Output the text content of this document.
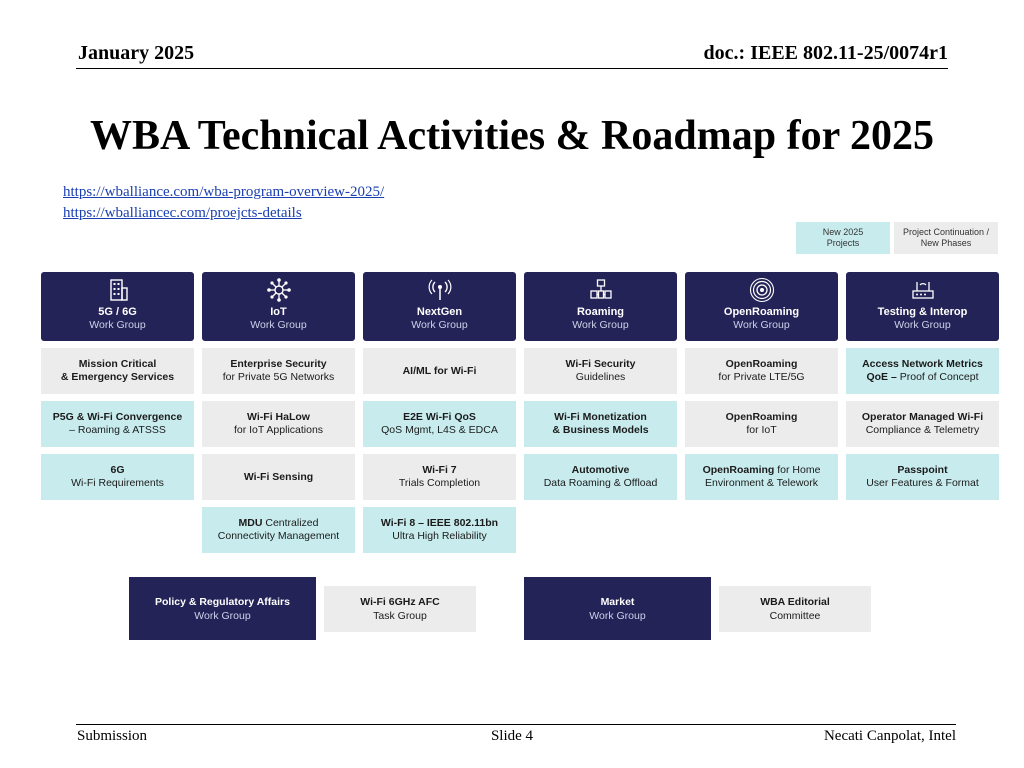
January 2025	doc.: IEEE 802.11-25/0074r1
WBA Technical Activities & Roadmap for 2025
https://wballiance.com/wba-program-overview-2025/
https://wballiancec.com/proejcts-details
New 2025
Projects
Project Continuation /
New Phases
5G / 6G
Work Group
Mission Critical
& Emergency Services
P5G & Wi-Fi Convergence
– Roaming & ATSSS
6G
Wi-Fi Requirements
IoT
Work Group
Enterprise Security
for Private 5G Networks
Wi-Fi HaLow
for IoT Applications
Wi-Fi Sensing
MDU Centralized
Connectivity Management
NextGen
Work Group
AI/ML for Wi-Fi
E2E Wi-Fi QoS
QoS Mgmt, L4S & EDCA
Wi-Fi 7
Trials Completion
Wi-Fi 8 – IEEE 802.11bn
Ultra High Reliability
Roaming
Work Group
Wi-Fi Security
Guidelines
Wi-Fi Monetization
& Business Models
Automotive
Data Roaming & Offload
OpenRoaming
Work Group
OpenRoaming
for Private LTE/5G
OpenRoaming
for IoT
OpenRoaming for Home
Environment & Telework
Testing & Interop
Work Group
Access Network Metrics
QoE – Proof of Concept
Operator Managed Wi-Fi
Compliance & Telemetry
Passpoint
User Features & Format
Policy & Regulatory Affairs
Work Group
Wi-Fi 6GHz AFC
Task Group
Market
Work Group
WBA Editorial
Committee
Submission	Slide 4	Necati Canpolat, Intel
